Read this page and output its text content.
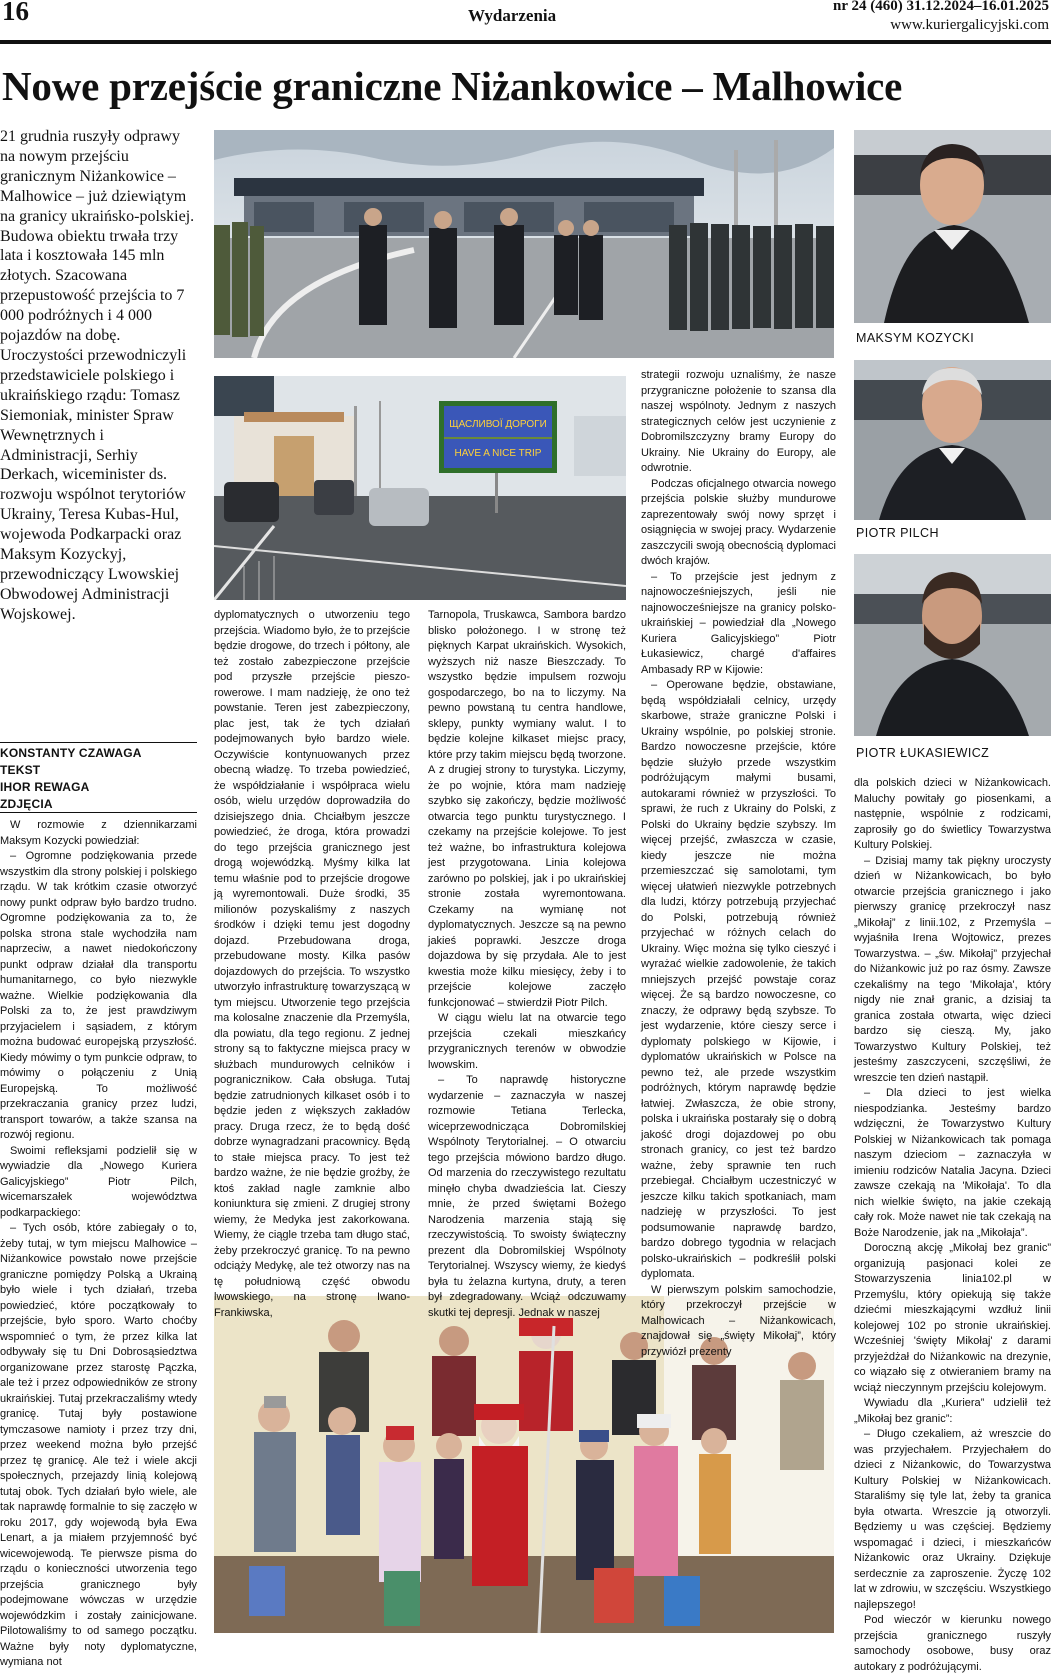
16	Wydarzenia	nr 24 (460) 31.12.2024–16.01.2025
www.kuriergalicyjski.com
Nowe przejście graniczne Niżankowice – Malhowice
21 grudnia ruszyły odprawy na nowym przejściu granicznym Niżankowice – Malhowice – już dziewiątym na granicy ukraińsko-polskiej. Budowa obiektu trwała trzy lata i kosztowała 145 mln złotych. Szacowana przepustowość przejścia to 7 000 podróżnych i 4 000 pojazdów na dobę. Uroczystości przewodniczyli przedstawiciele polskiego i ukraińskiego rządu: Tomasz Siemoniak, minister Spraw Wewnętrznych i Administracji, Serhiy Derkach, wiceminister ds. rozwoju wspólnot terytoriów Ukrainy, Teresa Kubas-Hul, wojewoda Podkarpacki oraz Maksym Kozyckyj, przewodniczący Lwowskiej Obwodowej Administracji Wojskowej.
KONSTANTY CZAWAGA
TEKST
IHOR REWAGA
ZDJĘCIA
ЩАСЛИВОЇ ДОРОГИ
HAVE A NICE TRIP
MAKSYM KOZYCKI
PIOTR PILCH
PIOTR ŁUKASIEWICZ

W rozmowie z dziennikarzami Maksym Kozycki powiedział:

– Ogromne podziękowania przede wszystkim dla strony polskiej i polskiego rządu. W tak krótkim czasie otworzyć nowy punkt odpraw było bardzo trudno. Ogromne podziękowania za to, że polska strona stale wychodziła nam naprzeciw, a nawet niedokończony punkt odpraw działał dla transportu humanitarnego, co było niezwykle ważne. Wielkie podziękowania dla Polski za to, że jest prawdziwym przyjacielem i sąsiadem, z którym można budować europejską przyszłość. Kiedy mówimy o tym punkcie odpraw, to mówimy o połączeniu z Unią Europejską. To możliwość przekraczania granicy przez ludzi, transport towarów, a także szansa na rozwój regionu.

Swoimi refleksjami podzielił się w wywiadzie dla „Nowego Kuriera Galicyjskiego” Piotr Pilch, wicemarszałek województwa podkarpackiego:

– Tych osób, które zabiegały o to, żeby tutaj, w tym miejscu Malhowice – Niżankowice powstało nowe przejście graniczne pomiędzy Polską a Ukrainą było wiele i tych działań, trzeba powiedzieć, które początkowały to przejście, było sporo. Warto choćby wspomnieć o tym, że przez kilka lat odbywały się tu Dni Dobrosąsiedztwa organizowane przez starostę Pączka, ale też i przez odpowiedników ze strony ukraińskiej. Tutaj przekraczaliśmy wtedy granicę. Tutaj były postawione tymczasowe namioty i przez trzy dni, przez weekend można było przejść przez tę granicę. Ale też i wiele akcji społecznych, przejazdy linią kolejową tutaj obok. Tych działań było wiele, ale tak naprawdę formalnie to się zaczęło w roku 2017, gdy wojewodą była Ewa Lenart, a ja miałem przyjemność być wicewojewodą. Te pierwsze pisma do rządu o konieczności utworzenia tego przejścia granicznego były podejmowane wówczas w urzędzie wojewódzkim i zostały zainicjowane. Pilotowaliśmy to od samego początku. Ważne były noty dyplomatyczne, wymiana not

dyplomatycznych o utworzeniu tego przejścia. Wiadomo było, że to przejście będzie drogowe, do trzech i półtony, ale też zostało zabezpieczone przejście pod przyszłe przejście pieszo-rowerowe. I mam nadzieję, że ono też powstanie. Teren jest zabezpieczony, plac jest, tak że tych działań podejmowanych było bardzo wiele. Oczywiście kontynuowanych przez obecną władzę. To trzeba powiedzieć, że współdziałanie i współpraca wielu osób, wielu urzędów doprowadziła do dzisiejszego dnia. Chciałbym jeszcze powiedzieć, że droga, która prowadzi do tego przejścia granicznego jest drogą wojewódzką. Myśmy kilka lat temu właśnie pod to przejście drogowe ją wyremontowali. Duże środki, 35 milionów pozyskaliśmy z naszych środków i dzięki temu jest dogodny dojazd. Przebudowana droga, przebudowane mosty. Kilka pasów dojazdowych do przejścia. To wszystko utworzyło infrastrukturę towarzyszącą w tym miejscu. Utworzenie tego przejścia ma kolosalne znaczenie dla Przemyśla, dla powiatu, dla tego regionu. Z jednej strony są to faktyczne miejsca pracy w służbach mundurowych celników i pogranicznikow. Cała obsługa. Tutaj będzie zatrudnionych kilkaset osób i to będzie jeden z większych zakładów pracy. Druga rzecz, że to będą dość dobrze wynagradzani pracownicy. Będą to stałe miejsca pracy. To jest też bardzo ważne, że nie będzie groźby, że ktoś zakład nagle zamknie albo koniunktura się zmieni. Z drugiej strony wiemy, że Medyka jest zakorkowana. Wiemy, że ciągle trzeba tam długo stać, żeby przekroczyć granicę. To na pewno odciąży Medykę, ale też otworzy nas na tę południową część obwodu lwowskiego, na stronę Iwano-Frankiwska,

Tarnopola, Truskawca, Sambora bardzo blisko położonego. I w stronę też pięknych Karpat ukraińskich. Wysokich, wyższych niż nasze Bieszczady. To wszystko będzie impulsem rozwoju gospodarczego, bo na to liczymy. Na pewno powstaną tu centra handlowe, sklepy, punkty wymiany walut. I to będzie kolejne kilkaset miejsc pracy, które przy takim miejscu będą tworzone. A z drugiej strony to turystyka. Liczymy, że po wojnie, która mam nadzieję szybko się zakończy, będzie możliwość otwarcia tego punktu turystycznego. I czekamy na przejście kolejowe. To jest też ważne, bo infrastruktura kolejowa jest przygotowana. Linia kolejowa zarówno po polskiej, jak i po ukraińskiej stronie została wyremontowana. Czekamy na wymianę not dyplomatycznych. Jeszcze są na pewno jakieś poprawki. Jeszcze droga dojazdowa by się przydała. Ale to jest kwestia może kilku miesięcy, żeby i to przejście kolejowe zaczęło funkcjonować – stwierdził Piotr Pilch.

W ciągu wielu lat na otwarcie tego przejścia czekali mieszkańcy przygranicznych terenów w obwodzie lwowskim.

– To naprawdę historyczne wydarzenie – zaznaczyła w naszej rozmowie Tetiana Terlecka, wiceprzewodnicząca Dobromilskiej Wspólnoty Terytorialnej. – O otwarciu tego przejścia mówiono bardzo długo. Od marzenia do rzeczywistego rezultatu minęło chyba dwadzieścia lat. Cieszy mnie, że przed świętami Bożego Narodzenia marzenia stają się rzeczywistością. To swoisty świąteczny prezent dla Dobromilskiej Wspólnoty Terytorialnej. Wszyscy wiemy, że kiedyś była tu żelazna kurtyna, druty, a teren był zdegradowany. Wciąż odczuwamy skutki tej depresji. Jednak w naszej

strategii rozwoju uznaliśmy, że nasze przygraniczne położenie to szansa dla naszej wspólnoty. Jednym z naszych strategicznych celów jest uczynienie z Dobromilszczyzny bramy Europy do Ukrainy. Nie Ukrainy do Europy, ale odwrotnie.

Podczas oficjalnego otwarcia nowego przejścia polskie służby mundurowe zaprezentowały swój nowy sprzęt i osiągnięcia w swojej pracy. Wydarzenie zaszczycili swoją obecnością dyplomaci dwóch krajów.

– To przejście jest jednym z najnowocześniejszych, jeśli nie najnowocześniejsze na granicy polsko-ukraińskiej – powiedział dla „Nowego Kuriera Galicyjskiego” Piotr Łukasiewicz, chargé d'affaires Ambasady RP w Kijowie:

– Operowane będzie, obstawiane, będą współdziałali celnicy, urzędy skarbowe, straże graniczne Polski i Ukrainy wspólnie, po polskiej stronie. Bardzo nowoczesne przejście, które będzie służyło przede wszystkim podróżującym małymi busami, autokarami również w przyszłości. To sprawi, że ruch z Ukrainy do Polski, z Polski do Ukrainy będzie szybszy. Im więcej przejść, zwłaszcza w czasie, kiedy jeszcze nie można przemieszczać się samolotami, tym więcej ułatwień niezwykle potrzebnych dla ludzi, którzy potrzebują przyjechać do Polski, potrzebują również przyjechać w różnych celach do Ukrainy. Więc można się tylko cieszyć i wyrażać wielkie zadowolenie, że takich mniejszych przejść powstaje coraz więcej. Że są bardzo nowoczesne, co znaczy, że odprawy będą szybsze. To jest wydarzenie, które cieszy serce i dyplomaty polskiego w Kijowie, i dyplomatów ukraińskich w Polsce na pewno też, ale przede wszystkim podróżnych, którym naprawdę będzie łatwiej. Zwłaszcza, że obie strony, polska i ukraińska postarały się o dobrą jakość drogi dojazdowej po obu stronach granicy, co jest też bardzo ważne, żeby sprawnie ten ruch przebiegał. Chciałbym uczestniczyć w jeszcze kilku takich spotkaniach, mam nadzieję w przyszłości. To jest podsumowanie naprawdę bardzo, bardzo dobrego tygodnia w relacjach polsko-ukraińskich – podkreślił polski dyplomata.

W pierwszym polskim samochodzie, który przekroczył przejście w Malhowicach – Niżankowicach, znajdował się „święty Mikołaj”, który przywiózł prezenty

dla polskich dzieci w Niżankowicach. Maluchy powitały go piosenkami, a następnie, wspólnie z rodzicami, zaprosiły go do świetlicy Towarzystwa Kultury Polskiej.

– Dzisiaj mamy tak piękny uroczysty dzień w Niżankowicach, bo było otwarcie przejścia granicznego i jako pierwszy granicę przekroczył nasz „Mikołaj” z linii.102, z Przemyśla – wyjaśniła Irena Wojtowicz, prezes Towarzystwa. – „św. Mikołaj” przyjechał do Niżankowic już po raz ósmy. Zawsze czekaliśmy na tego 'Mikołaja', który nigdy nie znał granic, a dzisiaj ta granica została otwarta, więc dzieci bardzo się cieszą. My, jako Towarzystwo Kultury Polskiej, też jesteśmy zaszczyceni, szczęśliwi, że wreszcie ten dzień nastąpił.

– Dla dzieci to jest wielka niespodzianka. Jesteśmy bardzo wdzięczni, że Towarzystwo Kultury Polskiej w Niżankowicach tak pomaga naszym dzieciom – zaznaczyła w imieniu rodziców Natalia Jacyna. Dzieci zawsze czekają na 'Mikołaja'. To dla nich wielkie święto, na jakie czekają cały rok. Może nawet nie tak czekają na Boże Narodzenie, jak na „Mikołaja”.

Doroczną akcję „Mikołaj bez granic” organizują pasjonaci kolei ze Stowarzyszenia linia102.pl w Przemyślu, który opiekują się także dziećmi mieszkającymi wzdłuż linii kolejowej 102 po stronie ukraińskiej. Wcześniej 'święty Mikołaj' z darami przyjeżdżał do Niżankowic na drezynie, co wiązało się z otwieraniem bramy na wciąż nieczynnym przejściu kolejowym.

Wywiadu dla „Kuriera” udzielił też „Mikołaj bez granic”:

– Długo czekaliem, aż wreszcie do was przyjechałem. Przyjechałem do dzieci z Niżankowic, do Towarzystwa Kultury Polskiej w Niżankowicach. Staraliśmy się tyle lat, żeby ta granica była otwarta. Wreszcie ją otworzyli. Będziemy u was częściej. Będziemy wspomagać i dzieci, i mieszkańców Niżankowic oraz Ukrainy. Dziękuje serdecznie za zaproszenie. Życzę 102 lat w zdrowiu, w szczęściu. Wszystkiego najlepszego!

Pod wieczór w kierunku nowego przejścia granicznego ruszyły samochody osobowe, busy oraz autokary z podróżującymi.
